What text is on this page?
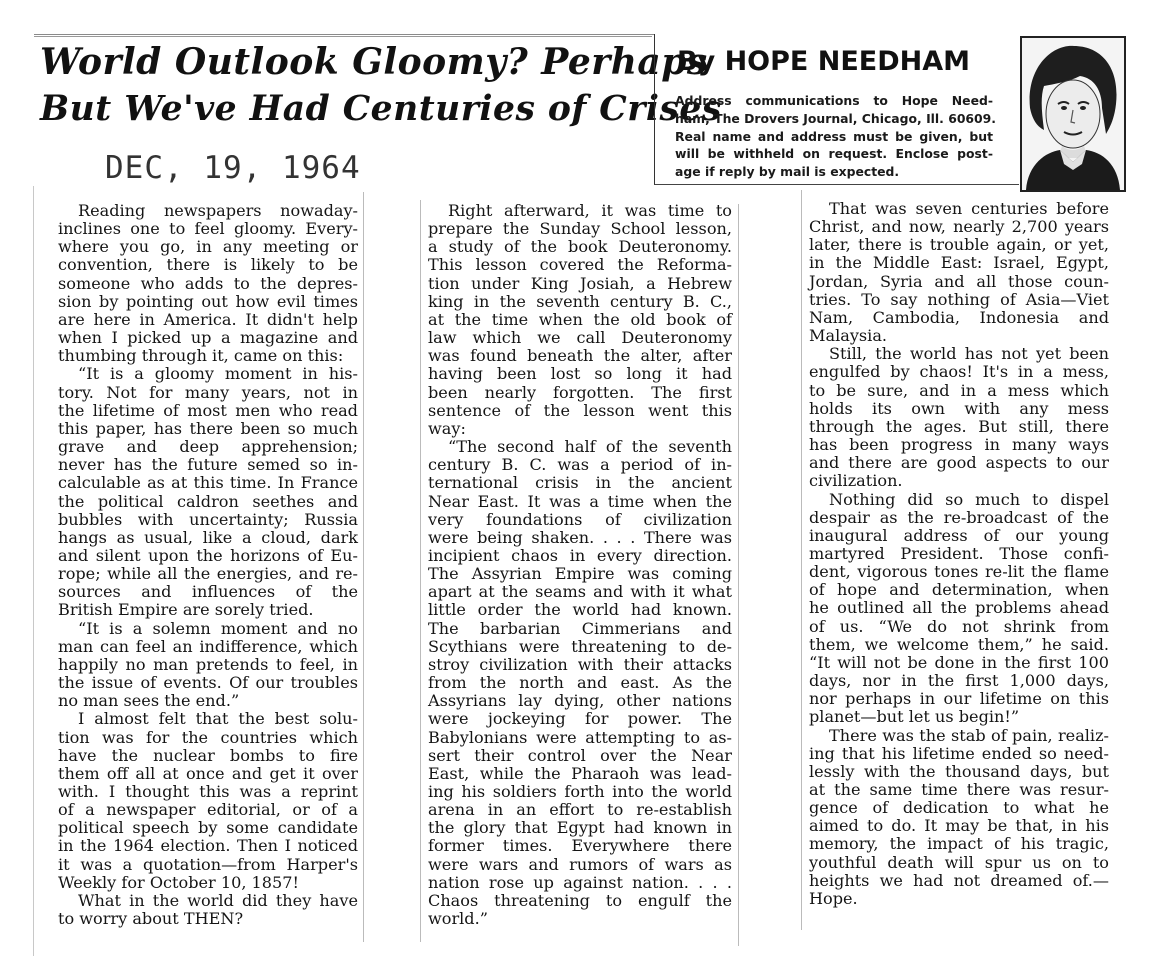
World Outlook Gloomy? Perhaps
But We've Had Centuries of Crises
By HOPE NEEDHAM
Address communications to Hope Need-
ham, The Drovers Journal, Chicago, Ill. 60609.
Real name and address must be given, but
will be withheld on request. Enclose post-
age if reply by mail is expected.
DEC, 19, 1964

Reading newspapers nowaday-
inclines one to feel gloomy. Every-
where you go, in any meeting or
convention, there is likely to be
someone who adds to the depres-
sion by pointing out how evil times
are here in America. It didn't help
when I picked up a magazine and
thumbing through it, came on this:

“It is a gloomy moment in his-
tory. Not for many years, not in
the lifetime of most men who read
this paper, has there been so much
grave and deep apprehension;
never has the future semed so in-
calculable as at this time. In France
the political caldron seethes and
bubbles with uncertainty; Russia
hangs as usual, like a cloud, dark
and silent upon the horizons of Eu-
rope; while all the energies, and re-
sources and influences of the
British Empire are sorely tried.

“It is a solemn moment and no
man can feel an indifference, which
happily no man pretends to feel, in
the issue of events. Of our troubles
no man sees the end.”

I almost felt that the best solu-
tion was for the countries which
have the nuclear bombs to fire
them off all at once and get it over
with. I thought this was a reprint
of a newspaper editorial, or of a
political speech by some candidate
in the 1964 election. Then I noticed
it was a quotation—from Harper's
Weekly for October 10, 1857!

What in the world did they have
to worry about THEN?

Right afterward, it was time to
prepare the Sunday School lesson,
a study of the book Deuteronomy.
This lesson covered the Reforma-
tion under King Josiah, a Hebrew
king in the seventh century B. C.,
at the time when the old book of
law which we call Deuteronomy
was found beneath the alter, after
having been lost so long it had
been nearly forgotten. The first
sentence of the lesson went this
way:

“The second half of the seventh
century B. C. was a period of in-
ternational crisis in the ancient
Near East. It was a time when the
very foundations of civilization
were being shaken. . . . There was
incipient chaos in every direction.
The Assyrian Empire was coming
apart at the seams and with it what
little order the world had known.
The barbarian Cimmerians and
Scythians were threatening to de-
stroy civilization with their attacks
from the north and east. As the
Assyrians lay dying, other nations
were jockeying for power. The
Babylonians were attempting to as-
sert their control over the Near
East, while the Pharaoh was lead-
ing his soldiers forth into the world
arena in an effort to re-establish
the glory that Egypt had known in
former times. Everywhere there
were wars and rumors of wars as
nation rose up against nation. . . .
Chaos threatening to engulf the
world.”

That was seven centuries before
Christ, and now, nearly 2,700 years
later, there is trouble again, or yet,
in the Middle East: Israel, Egypt,
Jordan, Syria and all those coun-
tries. To say nothing of Asia—Viet
Nam, Cambodia, Indonesia and
Malaysia.

Still, the world has not yet been
engulfed by chaos! It's in a mess,
to be sure, and in a mess which
holds its own with any mess
through the ages. But still, there
has been progress in many ways
and there are good aspects to our
civilization.

Nothing did so much to dispel
despair as the re-broadcast of the
inaugural address of our young
martyred President. Those confi-
dent, vigorous tones re-lit the flame
of hope and determination, when
he outlined all the problems ahead
of us. “We do not shrink from
them, we welcome them,” he said.
“It will not be done in the first 100
days, nor in the first 1,000 days,
nor perhaps in our lifetime on this
planet—but let us begin!”

There was the stab of pain, realiz-
ing that his lifetime ended so need-
lessly with the thousand days, but
at the same time there was resur-
gence of dedication to what he
aimed to do. It may be that, in his
memory, the impact of his tragic,
youthful death will spur us on to
heights we had not dreamed of.—
Hope.
